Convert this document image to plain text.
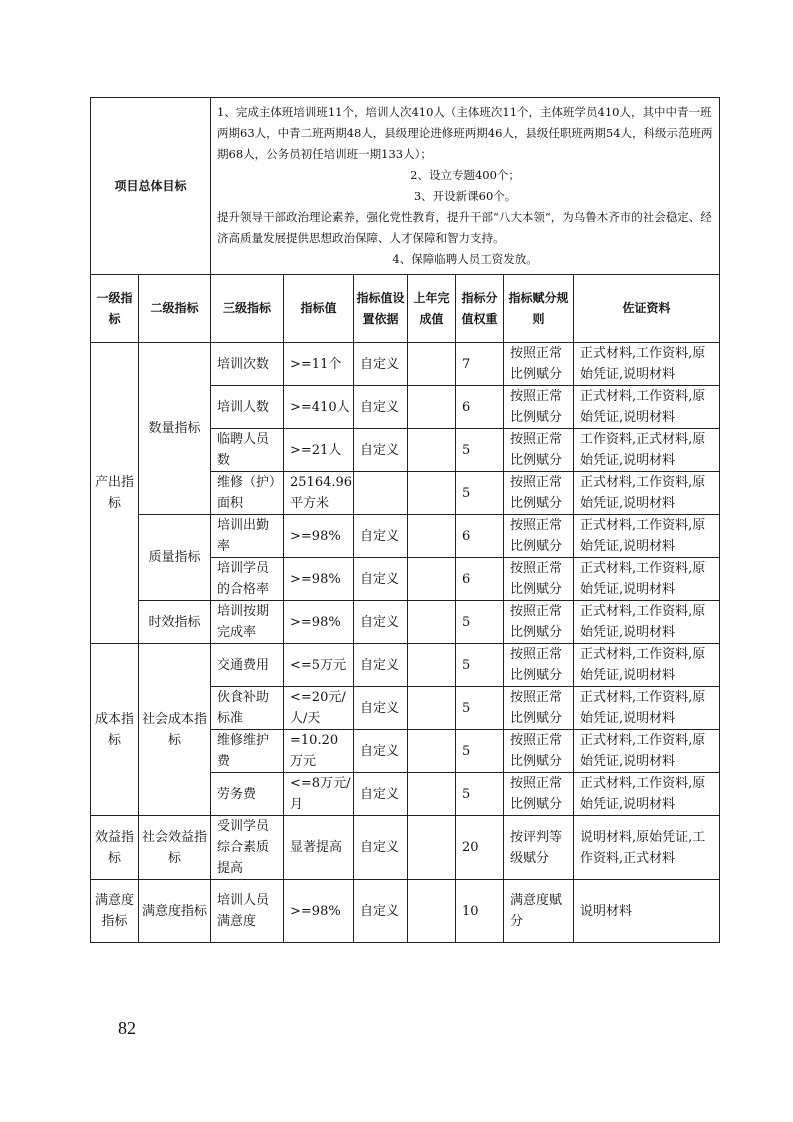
项目总体目标		1、完成主体班培训班11个，培训人次410人（主体班次11个，主体班学员410人，其中中青一班两期63人，中青二班两期48人，县级理论进修班两期46人，县级任职班两期54人，科级示范班两期68人，公务员初任培训班一期133人）；

2、设立专题400个；

3、开设新课60个。

提升领导干部政治理论素养，强化党性教育，提升干部“八大本领“，为乌鲁木齐市的社会稳定、经济高质量发展提供思想政治保障、人才保障和智力支持。

4、保障临聘人员工资发放。						

一级指标	二级指标	三级指标	指标值	指标值设置依据	上年完成值	指标分值权重	指标赋分规则	佐证资料
产出指标	数量指标	培训次数	>=11个	自定义		7	按照正常比例赋分	正式材料,工作资料,原始凭证,说明材料
		培训人数	>=410人	自定义		6	按照正常比例赋分	正式材料,工作资料,原始凭证,说明材料
		临聘人员数	>=21人	自定义		5	按照正常比例赋分	工作资料,正式材料,原始凭证,说明材料
		维修（护）面积	25164.96平方米			5	按照正常比例赋分	正式材料,工作资料,原始凭证,说明材料
	质量指标	培训出勤率	>=98%	自定义		6	按照正常比例赋分	正式材料,工作资料,原始凭证,说明材料
		培训学员的合格率	>=98%	自定义		6	按照正常比例赋分	正式材料,工作资料,原始凭证,说明材料
	时效指标	培训按期完成率	>=98%	自定义		5	按照正常比例赋分	正式材料,工作资料,原始凭证,说明材料
成本指标	社会成本指标	交通费用	<=5万元	自定义		5	按照正常比例赋分	正式材料,工作资料,原始凭证,说明材料
		伙食补助标准	<=20元/人/天	自定义		5	按照正常比例赋分	正式材料,工作资料,原始凭证,说明材料
		维修维护费	=10.20万元	自定义		5	按照正常比例赋分	正式材料,工作资料,原始凭证,说明材料
		劳务费	<=8万元/月	自定义		5	按照正常比例赋分	正式材料,工作资料,原始凭证,说明材料
效益指标	社会效益指标	受训学员综合素质提高	显著提高	自定义		20	按评判等级赋分	说明材料,原始凭证,工作资料,正式材料
满意度指标	满意度指标	培训人员满意度	>=98%	自定义		10	满意度赋分	说明材料
82
